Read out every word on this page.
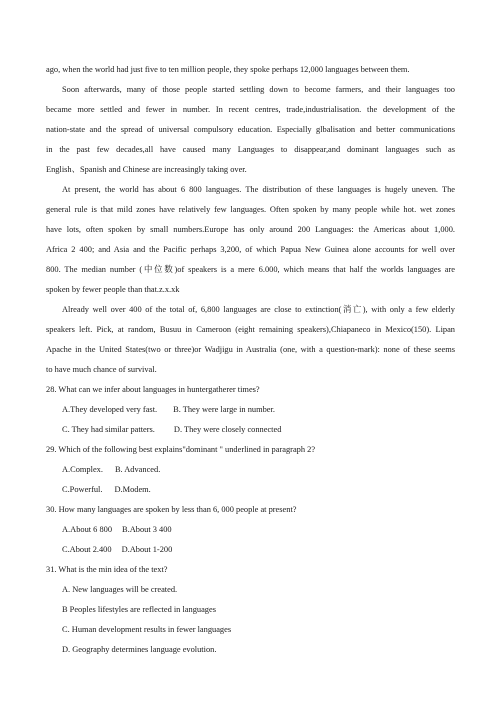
ago, when the world had just five to ten million people, they spoke perhaps 12,000 languages between them.
Soon afterwards, many of those people started settling down to become farmers, and their languages too
became more settled and fewer in number. In recent centres, trade,industrialisation. the development of the
nation-state and the spread of universal compulsory education. Especially glbalisation and better communications
in the past few decades,all have caused many Languages to disappear,and dominant languages such as
English、Spanish and Chinese are increasingly taking over.
At present, the world has about 6 800 languages. The distribution of these languages is hugely uneven. The
general rule is that mild zones have relatively few languages. Often spoken by many people while hot. wet zones
have lots, often spoken by small numbers.Europe has only around 200 Languages: the Americas about 1,000.
Africa 2 400; and Asia and the Pacific perhaps 3,200, of which Papua New Guinea alone accounts for well over
800. The median number (中位数)of speakers is a mere 6.000, which means that half the worlds languages are
spoken by fewer people than that.z.x.xk
Already well over 400 of the total of, 6,800 languages are close to extinction(消亡), with only a few elderly
speakers left. Pick, at random, Busuu in Cameroon (eight remaining speakers),Chiapaneco in Mexico(150). Lipan
Apache in the United States(two or three)or Wadjigu in Australia (one, with a question-mark): none of these seems
to have much chance of survival.
28. What can we infer about languages in huntergatherer times?
A.They developed very fast. B. They were large in number.
C. They had similar patters. D. They were closely connected
29. Which of the following best explains"dominant " underlined in paragraph 2?
A.Complex. B. Advanced.
C.Powerful. D.Modem.
30. How many languages are spoken by less than 6, 000 people at present?
A.About 6 800 B.About 3 400
C.About 2.400 D.About 1-200
31. What is the min idea of the text?
A. New languages will be created.
B Peoples lifestyles are reflected in languages
C. Human development results in fewer languages
D. Geography determines language evolution.
